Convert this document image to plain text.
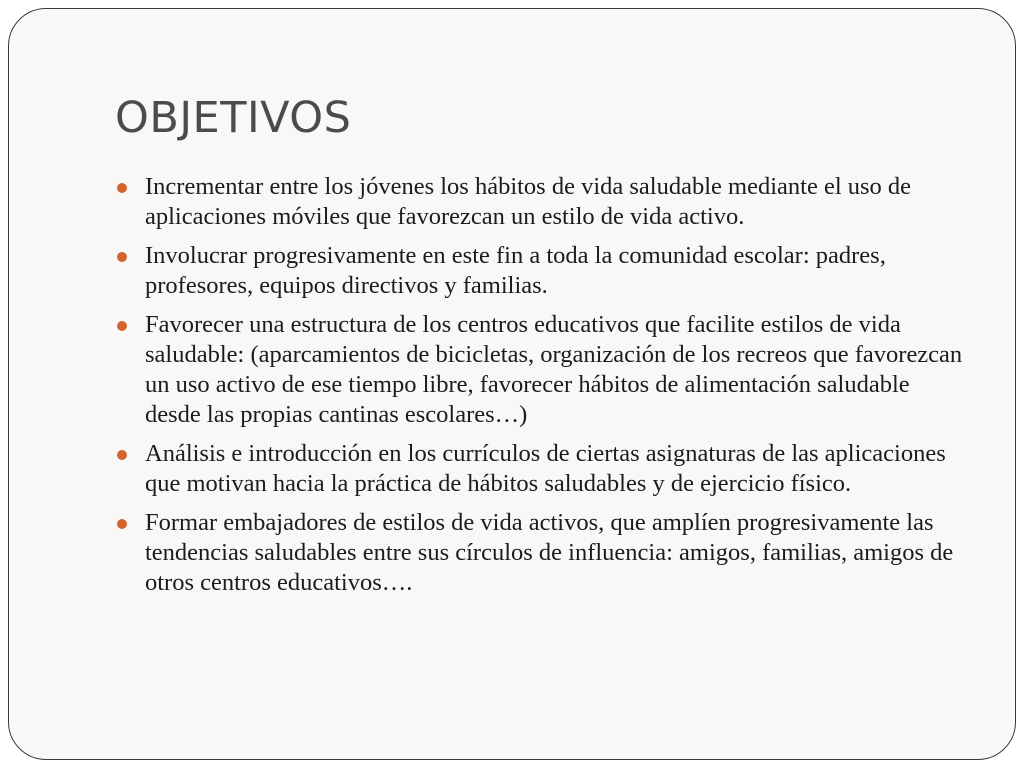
OBJETIVOS
Incrementar entre los jóvenes los hábitos de vida saludable mediante el uso de aplicaciones móviles que favorezcan un estilo de vida activo.
Involucrar progresivamente en este fin a toda la comunidad escolar: padres, profesores, equipos directivos y familias.
Favorecer una estructura de los centros educativos que facilite estilos de vida saludable: (aparcamientos de bicicletas, organización de los recreos que favorezcan un uso activo de ese tiempo libre, favorecer hábitos de alimentación saludable desde las propias cantinas escolares…)
Análisis e introducción en los currículos de ciertas asignaturas de las aplicaciones que motivan hacia la práctica de hábitos saludables y de ejercicio físico.
Formar embajadores de estilos de vida activos, que amplíen progresivamente las tendencias saludables entre sus círculos de influencia: amigos, familias, amigos de otros centros educativos….
